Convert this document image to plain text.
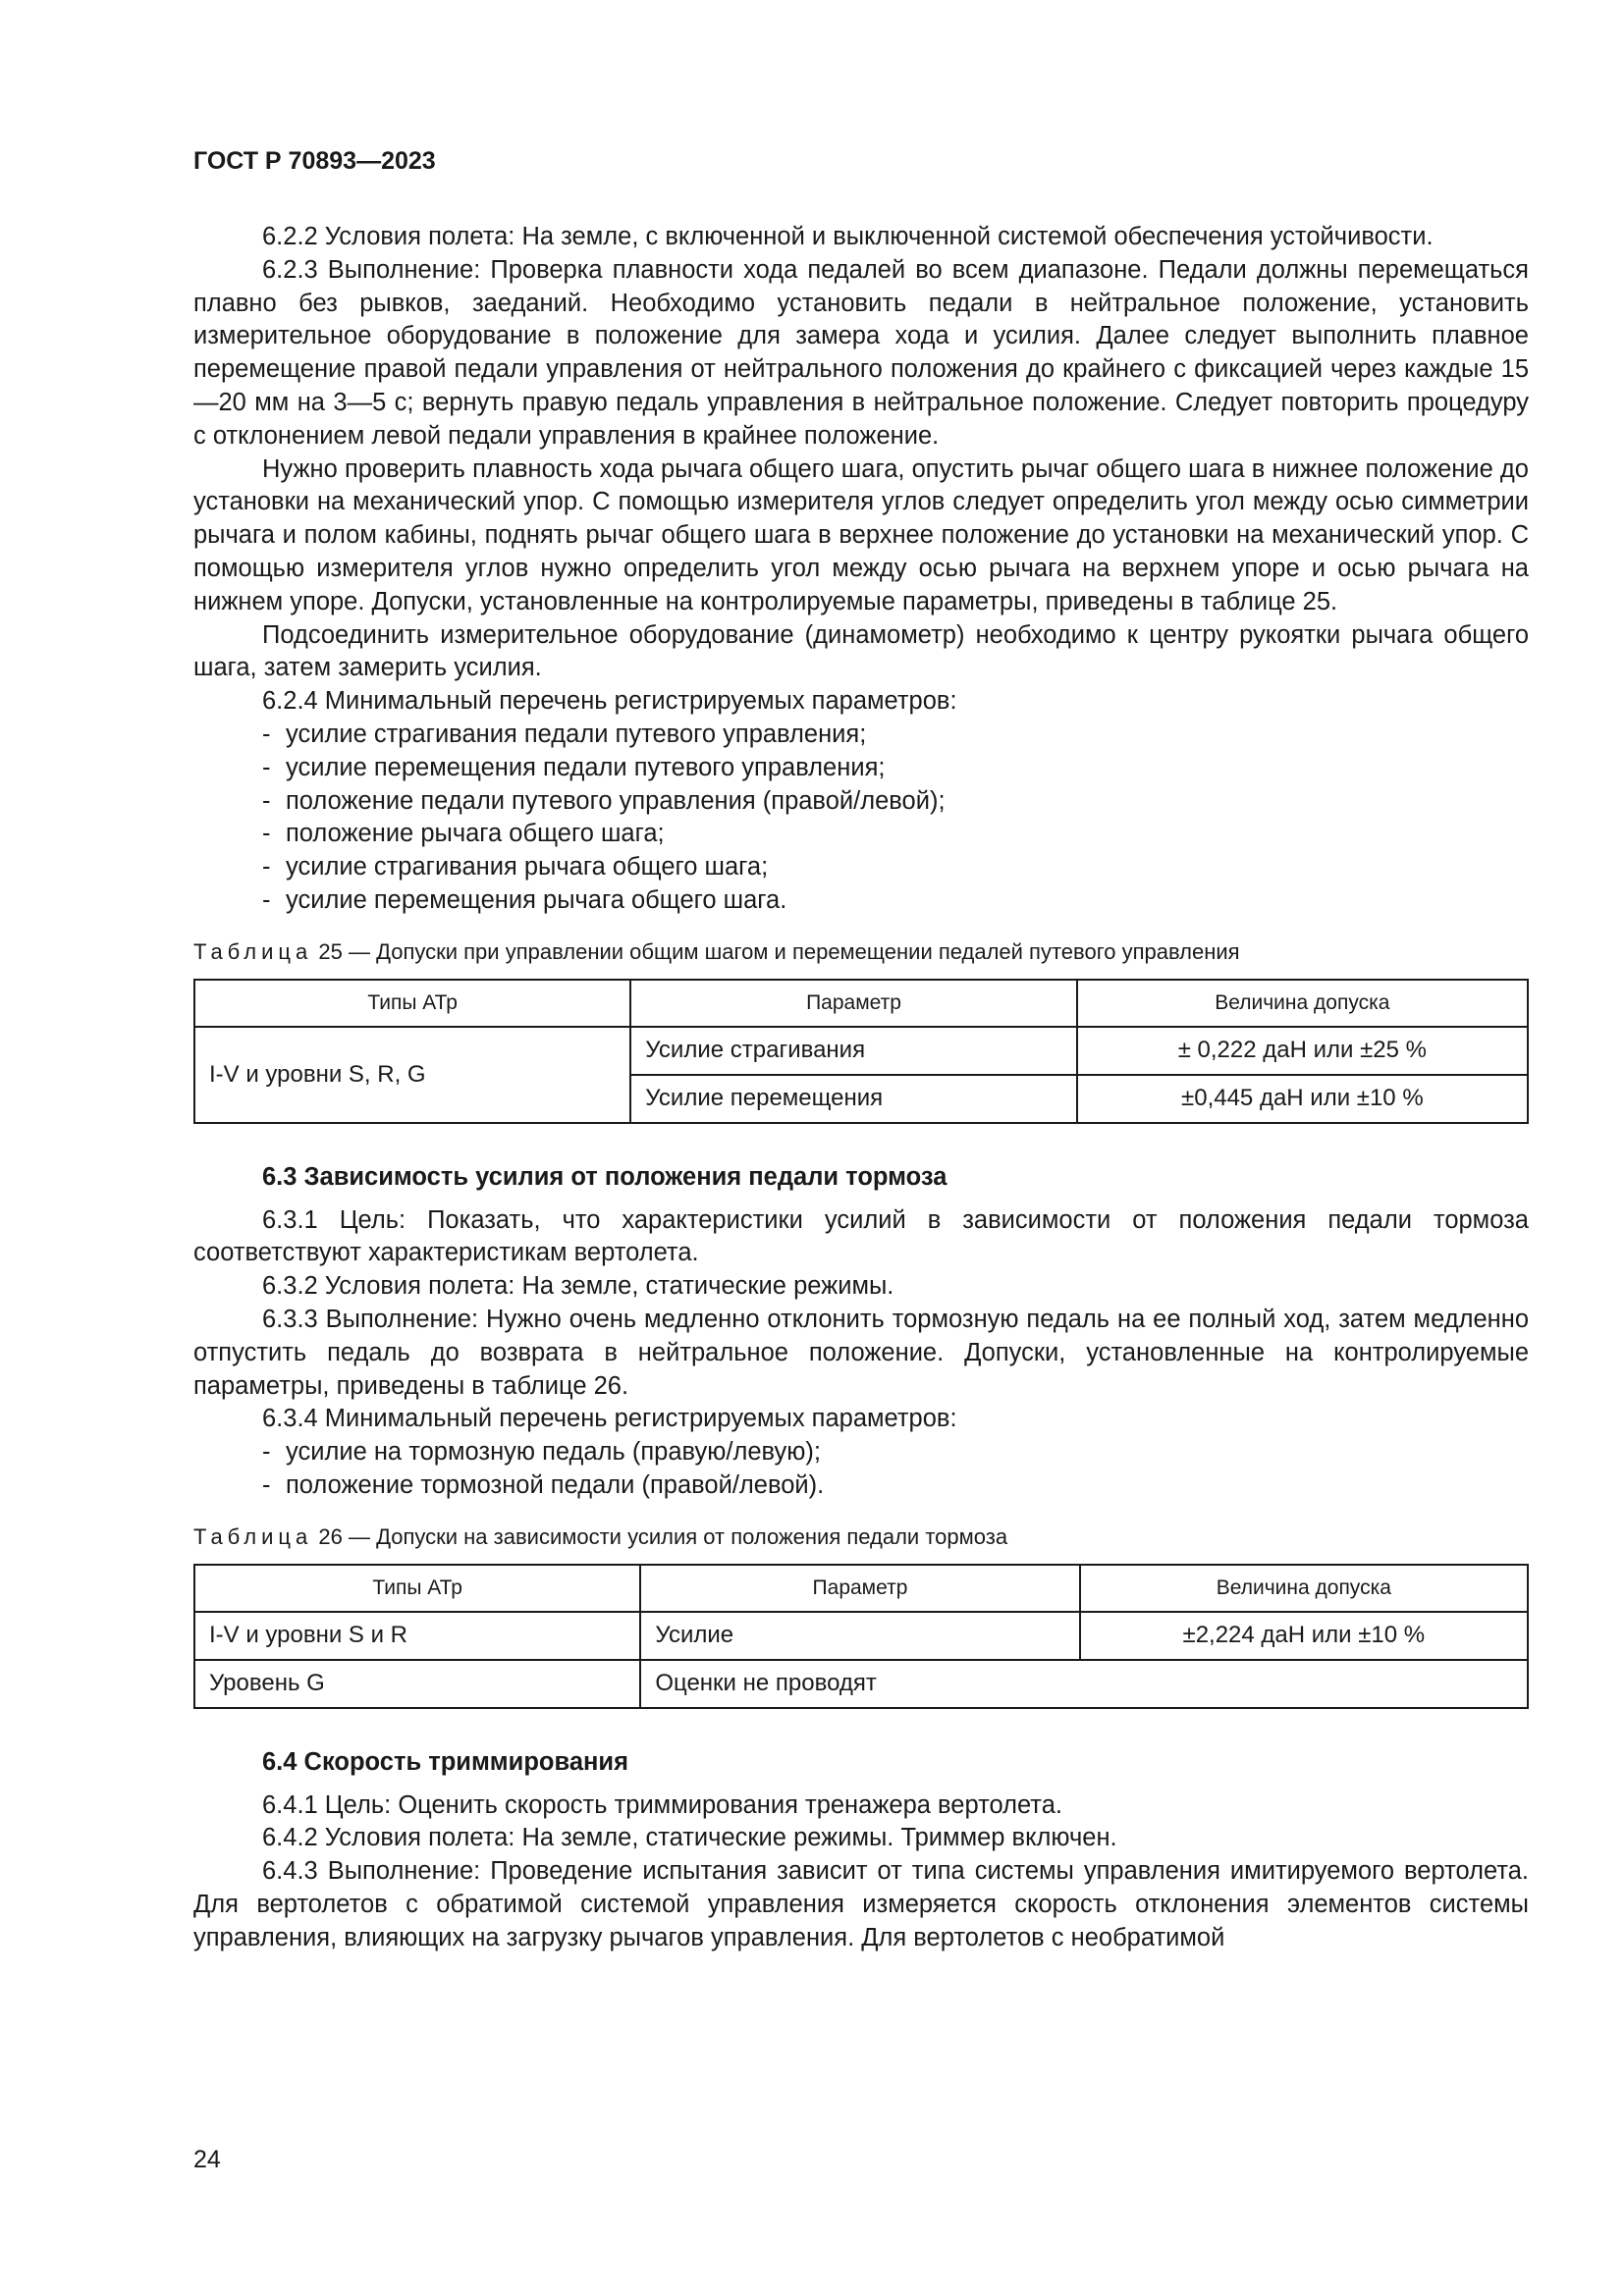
ГОСТ Р 70893—2023

6.2.2 Условия полета: На земле, с включенной и выключенной системой обеспечения устойчивости.

6.2.3 Выполнение: Проверка плавности хода педалей во всем диапазоне. Педали должны перемещаться плавно без рывков, заеданий. Необходимо установить педали в нейтральное положение, установить измерительное оборудование в положение для замера хода и усилия. Далее следует выполнить плавное перемещение правой педали управления от нейтрального положения до крайнего с фиксацией через каждые 15—20 мм на 3—5 с; вернуть правую педаль управления в нейтральное положение. Следует повторить процедуру с отклонением левой педали управления в крайнее положение.

Нужно проверить плавность хода рычага общего шага, опустить рычаг общего шага в нижнее положение до установки на механический упор. С помощью измерителя углов следует определить угол между осью симметрии рычага и полом кабины, поднять рычаг общего шага в верхнее положение до установки на механический упор. С помощью измерителя углов нужно определить угол между осью рычага на верхнем упоре и осью рычага на нижнем упоре. Допуски, установленные на контролируемые параметры, приведены в таблице 25.

Подсоединить измерительное оборудование (динамометр) необходимо к центру рукоятки рычага общего шага, затем замерить усилия.

6.2.4 Минимальный перечень регистрируемых параметров:

- усилие страгивания педали путевого управления;

- усилие перемещения педали путевого управления;

- положение педали путевого управления (правой/левой);

- положение рычага общего шага;

- усилие страгивания рычага общего шага;

- усилие перемещения рычага общего шага.

Таблица 25 — Допуски при управлении общим шагом и перемещении педалей путевого управления
Типы АТр	Параметр	Величина допуска
I-V и уровни S, R, G	Усилие страгивания	± 0,222 даН или ±25 %
	Усилие перемещения	±0,445 даН или ±10 %
6.3 Зависимость усилия от положения педали тормоза

6.3.1 Цель: Показать, что характеристики усилий в зависимости от положения педали тормоза соответствуют характеристикам вертолета.

6.3.2 Условия полета: На земле, статические режимы.

6.3.3 Выполнение: Нужно очень медленно отклонить тормозную педаль на ее полный ход, затем медленно отпустить педаль до возврата в нейтральное положение. Допуски, установленные на контролируемые параметры, приведены в таблице 26.

6.3.4 Минимальный перечень регистрируемых параметров:

- усилие на тормозную педаль (правую/левую);

- положение тормозной педали (правой/левой).

Таблица 26 — Допуски на зависимости усилия от положения педали тормоза
Типы АТр	Параметр	Величина допуска
I-V и уровни S и R	Усилие	±2,224 даН или ±10 %
Уровень G	Оценки не проводят	
6.4 Скорость триммирования

6.4.1 Цель: Оценить скорость триммирования тренажера вертолета.

6.4.2 Условия полета: На земле, статические режимы. Триммер включен.

6.4.3 Выполнение: Проведение испытания зависит от типа системы управления имитируемого вертолета. Для вертолетов с обратимой системой управления измеряется скорость отклонения элементов системы управления, влияющих на загрузку рычагов управления. Для вертолетов с необратимой

24
